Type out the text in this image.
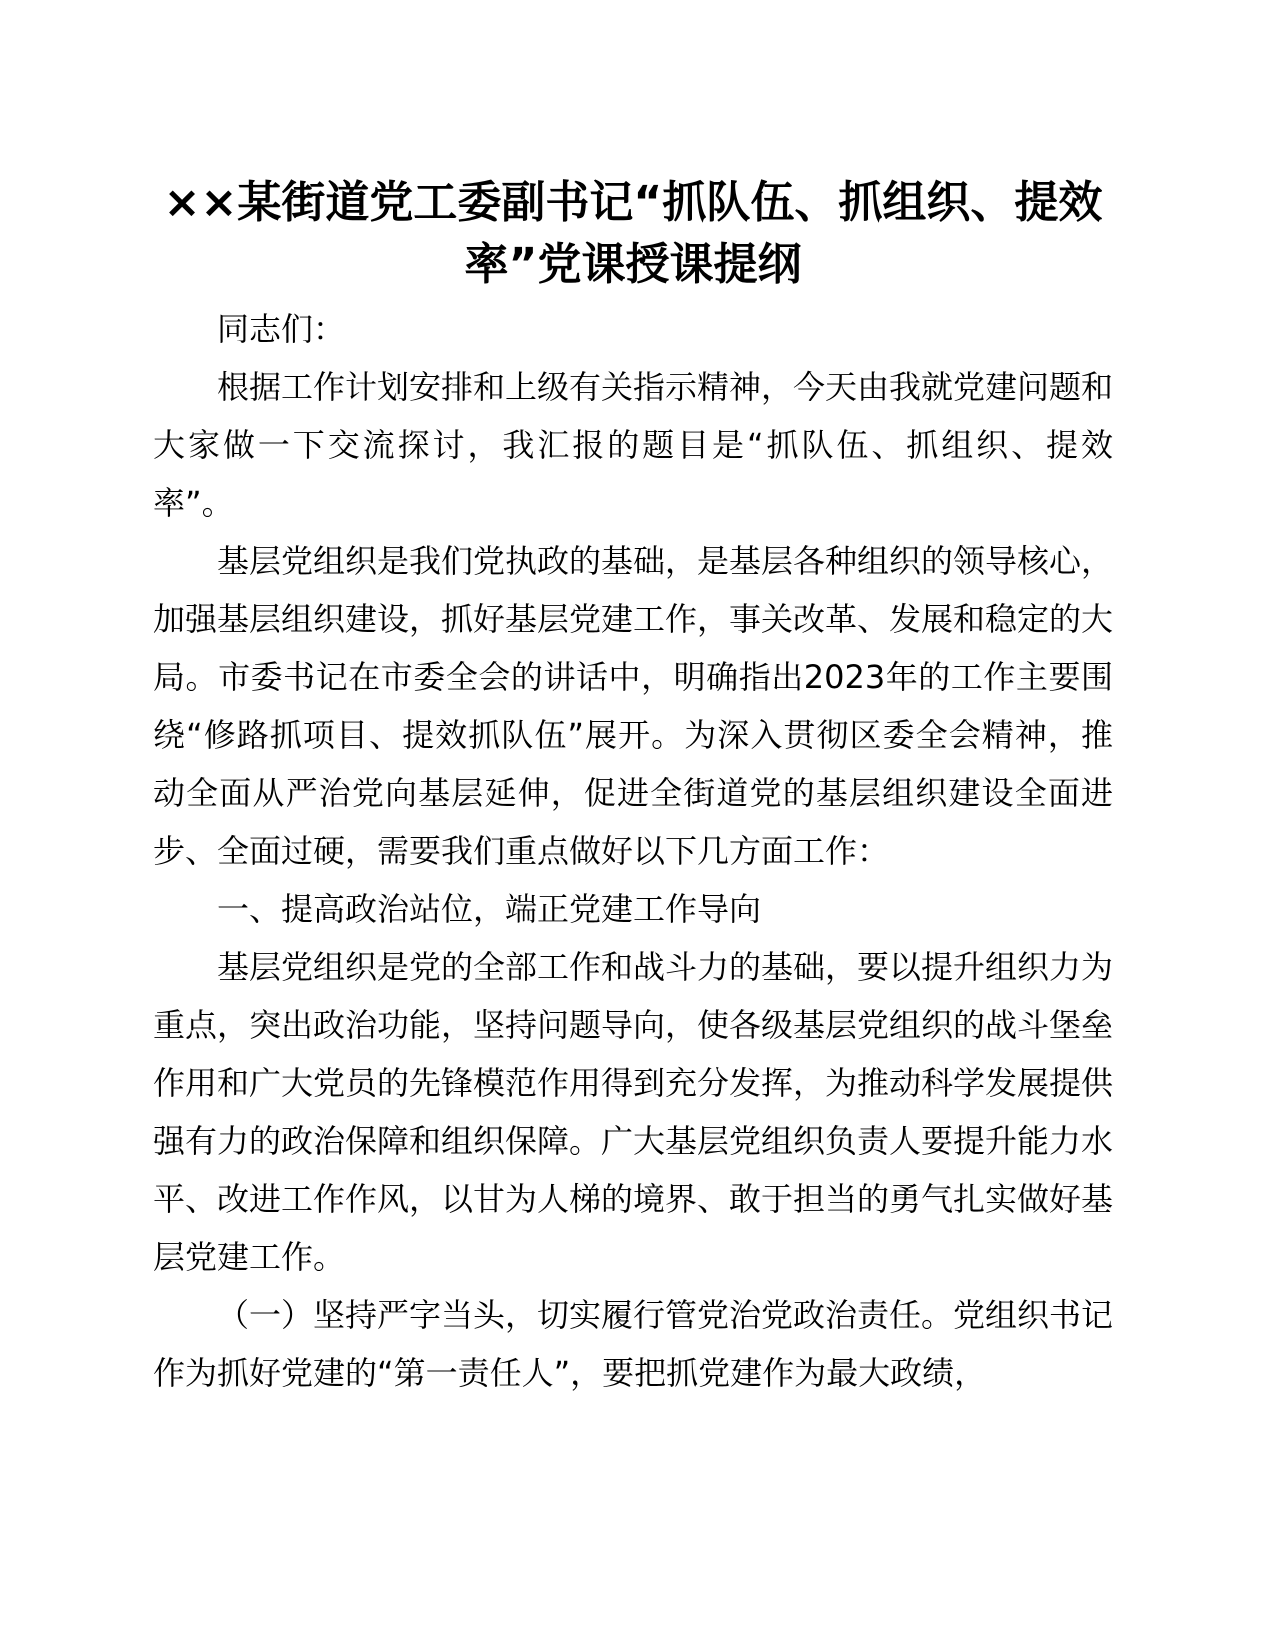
××某街道党工委副书记“抓队伍、抓组织、提效
率”党课授课提纲

同志们：

根据工作计划安排和上级有关指示精神，今天由我就党建问题和大家做一下交流探讨，我汇报的题目是“抓队伍、抓组织、提效率”。

基层党组织是我们党执政的基础，是基层各种组织的领导核心，加强基层组织建设，抓好基层党建工作，事关改革、发展和稳定的大局。市委书记在市委全会的讲话中，明确指出2023年的工作主要围绕“修路抓项目、提效抓队伍”展开。为深入贯彻区委全会精神，推动全面从严治党向基层延伸，促进全街道党的基层组织建设全面进步、全面过硬，需要我们重点做好以下几方面工作：

一、提高政治站位，端正党建工作导向

基层党组织是党的全部工作和战斗力的基础，要以提升组织力为重点，突出政治功能，坚持问题导向，使各级基层党组织的战斗堡垒作用和广大党员的先锋模范作用得到充分发挥，为推动科学发展提供强有力的政治保障和组织保障。广大基层党组织负责人要提升能力水平、改进工作作风，以甘为人梯的境界、敢于担当的勇气扎实做好基层党建工作。

（一）坚持严字当头，切实履行管党治党政治责任。党组织书记作为抓好党建的“第一责任人”，要把抓党建作为最大政绩，
